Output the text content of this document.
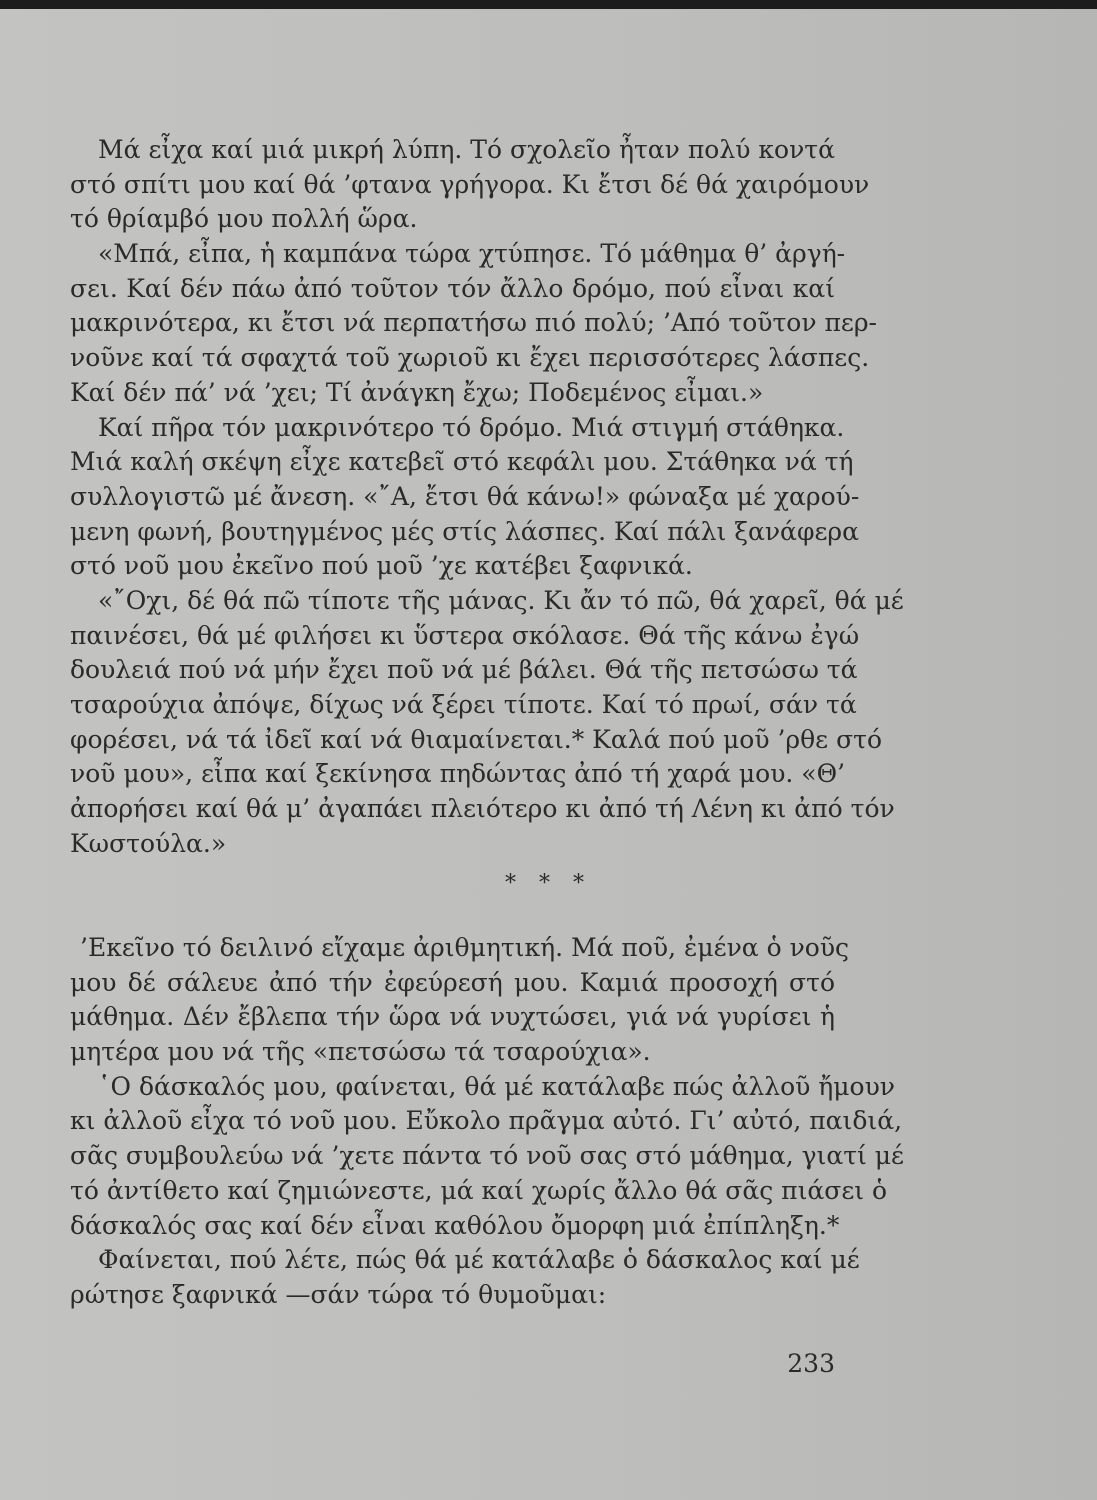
Μά εἶχα καί μιά μικρή λύπη. Τό σχολεῖο ἦταν πολύ κοντά
στό σπίτι μου καί θά ’φτανα γρήγορα. Κι ἔτσι δέ θά χαιρόμουν
τό θρίαμβό μου πολλή ὥρα.
«Μπά, εἶπα, ἡ καμπάνα τώρα χτύπησε. Τό μάθημα θ’ ἀργή-
σει. Καί δέν πάω ἀπό τοῦτον τόν ἄλλο δρόμο, πού εἶναι καί
μακρινότερα, κι ἔτσι νά περπατήσω πιό πολύ; ’Από τοῦτον περ-
νοῦνε καί τά σφαχτά τοῦ χωριοῦ κι ἔχει περισσότερες λάσπες.
Καί δέν πά’ νά ’χει; Τί ἀνάγκη ἔχω; Ποδεμένος εἶμαι.»
Καί πῆρα τόν μακρινότερο τό δρόμο. Μιά στιγμή στάθηκα.
Μιά καλή σκέψη εἶχε κατεβεῖ στό κεφάλι μου. Στάθηκα νά τή
συλλογιστῶ μέ ἄνεση. «῎Α, ἔτσι θά κάνω!» φώναξα μέ χαρού-
μενη φωνή, βουτηγμένος μές στίς λάσπες. Καί πάλι ξανάφερα
στό νοῦ μου ἐκεῖνο πού μοῦ ’χε κατέβει ξαφνικά.
«῎Οχι, δέ θά πῶ τίποτε τῆς μάνας. Κι ἄν τό πῶ, θά χαρεῖ, θά μέ
παινέσει, θά μέ φιλήσει κι ὕστερα σκόλασε. Θά τῆς κάνω ἐγώ
δουλειά πού νά μήν ἔχει ποῦ νά μέ βάλει. Θά τῆς πετσώσω τά
τσαρούχια ἀπόψε, δίχως νά ξέρει τίποτε. Καί τό πρωί, σάν τά
φορέσει, νά τά ἰδεῖ καί νά θιαμαίνεται.* Καλά πού μοῦ ’ρθε στό
νοῦ μου», εἶπα καί ξεκίνησα πηδώντας ἀπό τή χαρά μου. «Θ’
ἀπορήσει καί θά μ’ ἀγαπάει πλειότερο κι ἀπό τή Λένη κι ἀπό τόν
Κωστούλα.»
* * *
’Εκεῖνο τό δειλινό εἴχαμε ἀριθμητική. Μά ποῦ, ἐμένα ὁ νοῦς
μου δέ σάλευε ἀπό τήν ἐφεύρεσή μου. Καμιά προσοχή στό
μάθημα. Δέν ἔβλεπα τήν ὥρα νά νυχτώσει, γιά νά γυρίσει ἡ
μητέρα μου νά τῆς «πετσώσω τά τσαρούχια».
῾Ο δάσκαλός μου, φαίνεται, θά μέ κατάλαβε πώς ἀλλοῦ ἤμουν
κι ἀλλοῦ εἶχα τό νοῦ μου. Εὔκολο πρᾶγμα αὐτό. Γι’ αὐτό, παιδιά,
σᾶς συμβουλεύω νά ’χετε πάντα τό νοῦ σας στό μάθημα, γιατί μέ
τό ἀντίθετο καί ζημιώνεστε, μά καί χωρίς ἄλλο θά σᾶς πιάσει ὁ
δάσκαλός σας καί δέν εἶναι καθόλου ὄμορφη μιά ἐπίπληξη.*
Φαίνεται, πού λέτε, πώς θά μέ κατάλαβε ὁ δάσκαλος καί μέ
ρώτησε ξαφνικά —σάν τώρα τό θυμοῦμαι:
233
